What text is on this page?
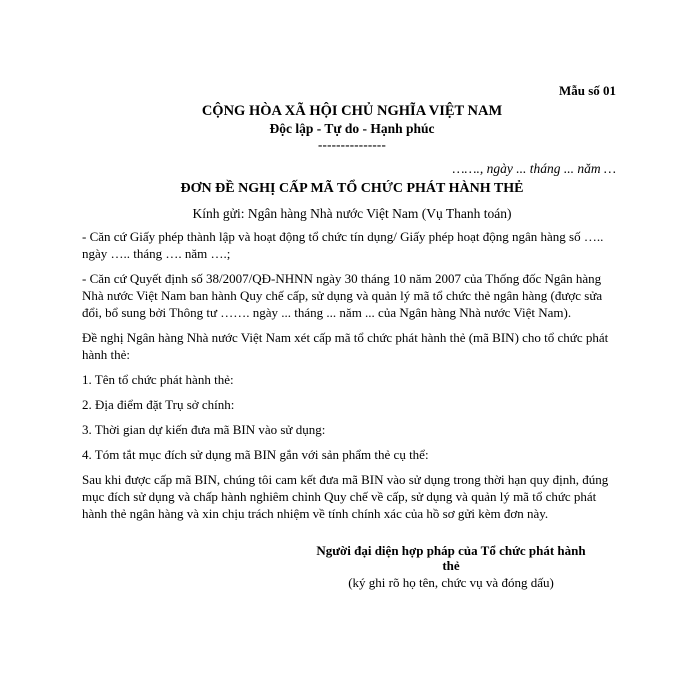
Mẫu số 01
CỘNG HÒA XÃ HỘI CHỦ NGHĨA VIỆT NAM
Độc lập - Tự do - Hạnh phúc
---------------
……., ngày ... tháng ... năm …
ĐƠN ĐỀ NGHỊ CẤP MÃ TỔ CHỨC PHÁT HÀNH THẺ
Kính gửi: Ngân hàng Nhà nước Việt Nam (Vụ Thanh toán)

- Căn cứ Giấy phép thành lập và hoạt động tổ chức tín dụng/ Giấy phép hoạt động ngân hàng số ….. ngày ….. tháng …. năm ….;

- Căn cứ Quyết định số 38/2007/QĐ-NHNN ngày 30 tháng 10 năm 2007 của Thống đốc Ngân hàng Nhà nước Việt Nam ban hành Quy chế cấp, sử dụng và quản lý mã tổ chức thẻ ngân hàng (được sửa đổi, bổ sung bởi Thông tư ……. ngày ... tháng ... năm ... của Ngân hàng Nhà nước Việt Nam).

Đề nghị Ngân hàng Nhà nước Việt Nam xét cấp mã tổ chức phát hành thẻ (mã BIN) cho tổ chức phát hành thẻ:

1. Tên tổ chức phát hành thẻ:

2. Địa điểm đặt Trụ sở chính:

3. Thời gian dự kiến đưa mã BIN vào sử dụng:

4. Tóm tắt mục đích sử dụng mã BIN gắn với sản phẩm thẻ cụ thể:

Sau khi được cấp mã BIN, chúng tôi cam kết đưa mã BIN vào sử dụng trong thời hạn quy định, đúng mục đích sử dụng và chấp hành nghiêm chỉnh Quy chế về cấp, sử dụng và quản lý mã tổ chức phát hành thẻ ngân hàng và xin chịu trách nhiệm về tính chính xác của hồ sơ gửi kèm đơn này.

Người đại diện hợp pháp của Tổ chức phát hành thẻ
(ký ghi rõ họ tên, chức vụ và đóng dấu)
